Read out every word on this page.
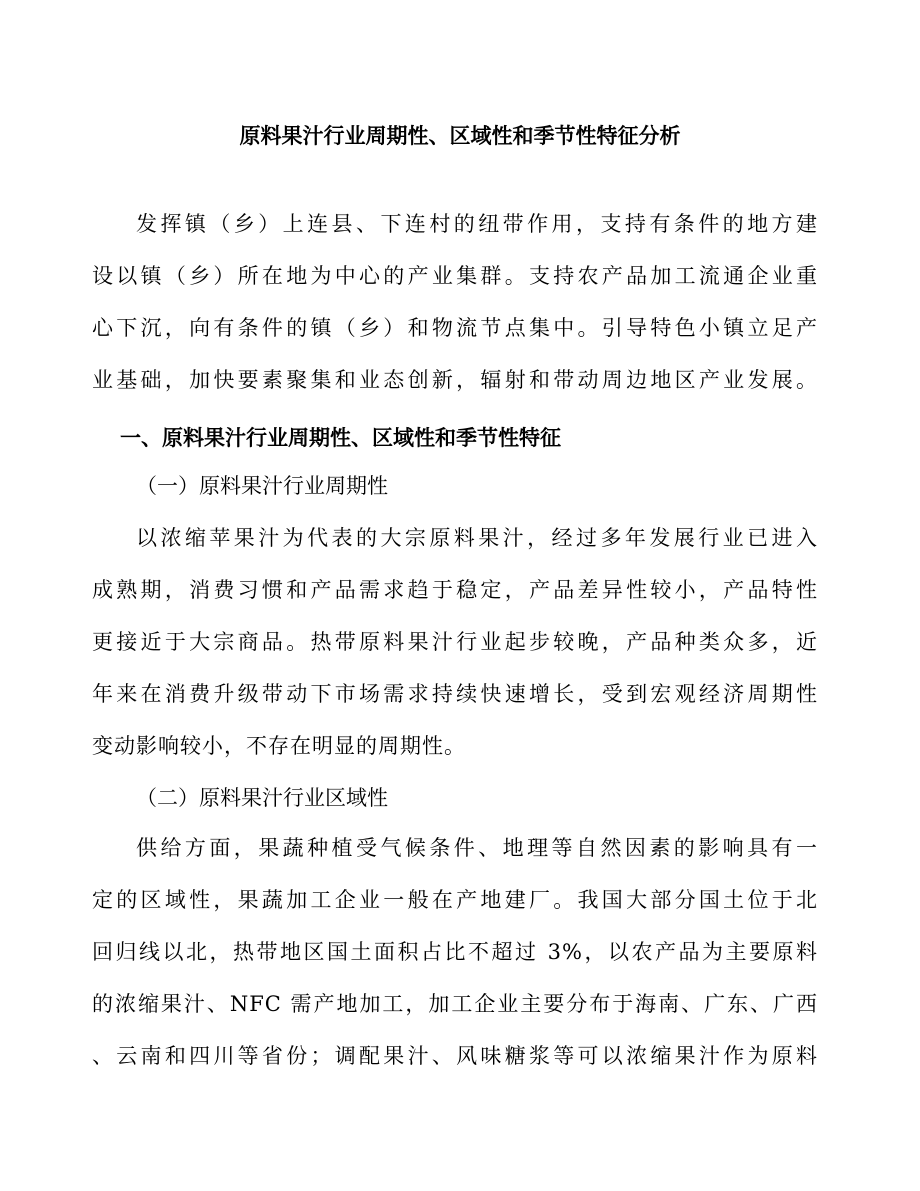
原料果汁行业周期性、区域性和季节性特征分析
发挥镇（乡）上连县、下连村的纽带作用，支持有条件的地方建
设以镇（乡）所在地为中心的产业集群。支持农产品加工流通企业重
心下沉，向有条件的镇（乡）和物流节点集中。引导特色小镇立足产
业基础，加快要素聚集和业态创新，辐射和带动周边地区产业发展。
一、原料果汁行业周期性、区域性和季节性特征
（一）原料果汁行业周期性
以浓缩苹果汁为代表的大宗原料果汁，经过多年发展行业已进入
成熟期，消费习惯和产品需求趋于稳定，产品差异性较小，产品特性
更接近于大宗商品。热带原料果汁行业起步较晚，产品种类众多，近
年来在消费升级带动下市场需求持续快速增长，受到宏观经济周期性
变动影响较小，不存在明显的周期性。
（二）原料果汁行业区域性
供给方面，果蔬种植受气候条件、地理等自然因素的影响具有一
定的区域性，果蔬加工企业一般在产地建厂。我国大部分国土位于北
回归线以北，热带地区国土面积占比不超过 3%，以农产品为主要原料
的浓缩果汁、NFC 需产地加工，加工企业主要分布于海南、广东、广西
、云南和四川等省份；调配果汁、风味糖浆等可以浓缩果汁作为原料
